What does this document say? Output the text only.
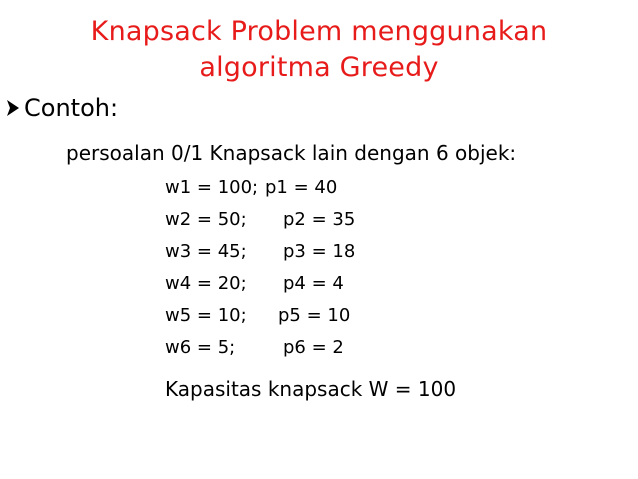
Knapsack Problem menggunakan
algoritma Greedy
Contoh:
persoalan 0/1 Knapsack lain dengan 6 objek:
w1 = 100; p1 = 40
w2 = 50; p2 = 35
w3 = 45; p3 = 18
w4 = 20; p4 = 4
w5 = 10; p5 = 10
w6 = 5;	p6 = 2
Kapasitas knapsack W = 100
